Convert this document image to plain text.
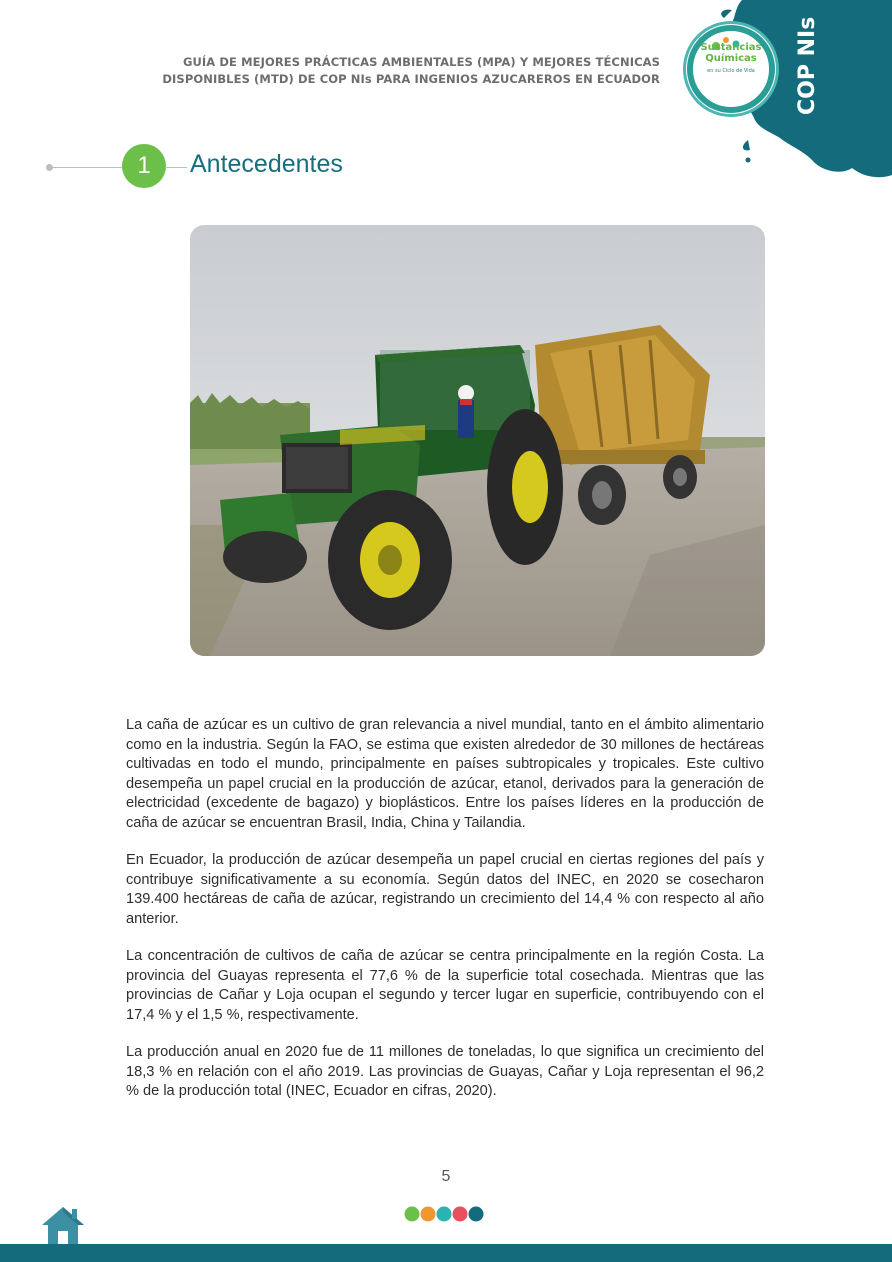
Sustancias
Químicas
en su Ciclo de Vida	COP NIs
GUÍA DE MEJORES PRÁCTICAS AMBIENTALES (MPA) Y MEJORES TÉCNICAS
DISPONIBLES (MTD) DE COP NIs PARA INGENIOS AZUCAREROS EN ECUADOR
1	Antecedentes

La caña de azúcar es un cultivo de gran relevancia a nivel mundial, tanto en el ámbito alimentario como en la industria. Según la FAO, se estima que existen alrededor de 30 millones de hectáreas cultivadas en todo el mundo, principalmente en países subtropicales y tropicales. Este cultivo desempeña un papel crucial en la producción de azúcar, etanol, derivados para la generación de electricidad (excedente de bagazo) y bioplásticos. Entre los países líderes en la producción de caña de azúcar se encuentran Brasil, India, China y Tailandia.

En Ecuador, la producción de azúcar desempeña un papel crucial en ciertas regiones del país y contribuye significativamente a su economía. Según datos del INEC, en 2020 se cosecharon 139.400 hectáreas de caña de azúcar, registrando un crecimiento del 14,4 % con respecto al año anterior.

La concentración de cultivos de caña de azúcar se centra principalmente en la región Costa. La provincia del Guayas representa el 77,6 % de la superficie total cosechada. Mientras que las provincias de Cañar y Loja ocupan el segundo y tercer lugar en superficie, contribuyendo con el 17,4 % y el 1,5 %, respectivamente.

La producción anual en 2020 fue de 11 millones de toneladas, lo que significa un crecimiento del 18,3 % en relación con el año 2019. Las provincias de Guayas, Cañar y Loja representan el 96,2 % de la producción total (INEC, Ecuador en cifras, 2020).

5
